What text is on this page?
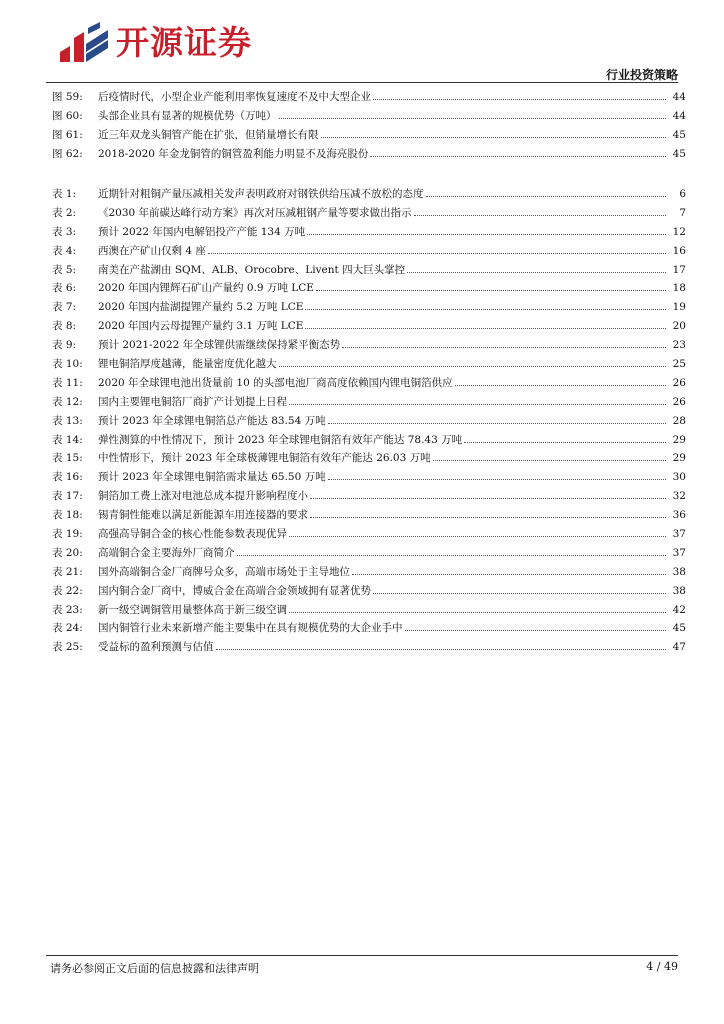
开源证券
行业投资策略
图 59:	后疫情时代，小型企业产能利用率恢复速度不及中大型企业	44
图 60:	头部企业具有显著的规模优势（万吨）	44
图 61:	近三年双龙头铜管产能在扩张，但销量增长有限	45
图 62:	2018-2020 年金龙铜管的铜管盈利能力明显不及海亮股份	45
表 1:	近期针对粗铜产量压减相关发声表明政府对钢铁供给压减不放松的态度	6
表 2:	《2030 年前碳达峰行动方案》再次对压减粗钢产量等要求做出指示	7
表 3:	预计 2022 年国内电解铝投产产能 134 万吨	12
表 4:	西澳在产矿山仅剩 4 座	16
表 5:	南美在产盐湖由 SQM、ALB、Orocobre、Livent 四大巨头掌控	17
表 6:	2020 年国内锂辉石矿山产量约 0.9 万吨 LCE	18
表 7:	2020 年国内盐湖提锂产量约 5.2 万吨 LCE	19
表 8:	2020 年国内云母提锂产量约 3.1 万吨 LCE	20
表 9:	预计 2021-2022 年全球锂供需继续保持紧平衡态势	23
表 10:	锂电铜箔厚度越薄，能量密度优化越大	25
表 11:	2020 年全球锂电池出货量前 10 的头部电池厂商高度依赖国内锂电铜箔供应	26
表 12:	国内主要锂电铜箔厂商扩产计划提上日程	26
表 13:	预计 2023 年全球锂电铜箔总产能达 83.54 万吨	28
表 14:	弹性测算的中性情况下，预计 2023 年全球锂电铜箔有效年产能达 78.43 万吨	29
表 15:	中性情形下，预计 2023 年全球极薄锂电铜箔有效年产能达 26.03 万吨	29
表 16:	预计 2023 年全球锂电铜箔需求量达 65.50 万吨	30
表 17:	铜箔加工费上涨对电池总成本提升影响程度小	32
表 18:	锡青铜性能难以满足新能源车用连接器的要求	36
表 19:	高强高导铜合金的核心性能参数表现优异	37
表 20:	高端铜合金主要海外厂商简介	37
表 21:	国外高端铜合金厂商牌号众多，高端市场处于主导地位	38
表 22:	国内铜合金厂商中，博威合金在高端合金领域拥有显著优势	38
表 23:	新一级空调铜管用量整体高于新三级空调	42
表 24:	国内铜管行业未来新增产能主要集中在具有规模优势的大企业手中	45
表 25:	受益标的盈利预测与估值	47
请务必参阅正文后面的信息披露和法律声明	4 / 49
